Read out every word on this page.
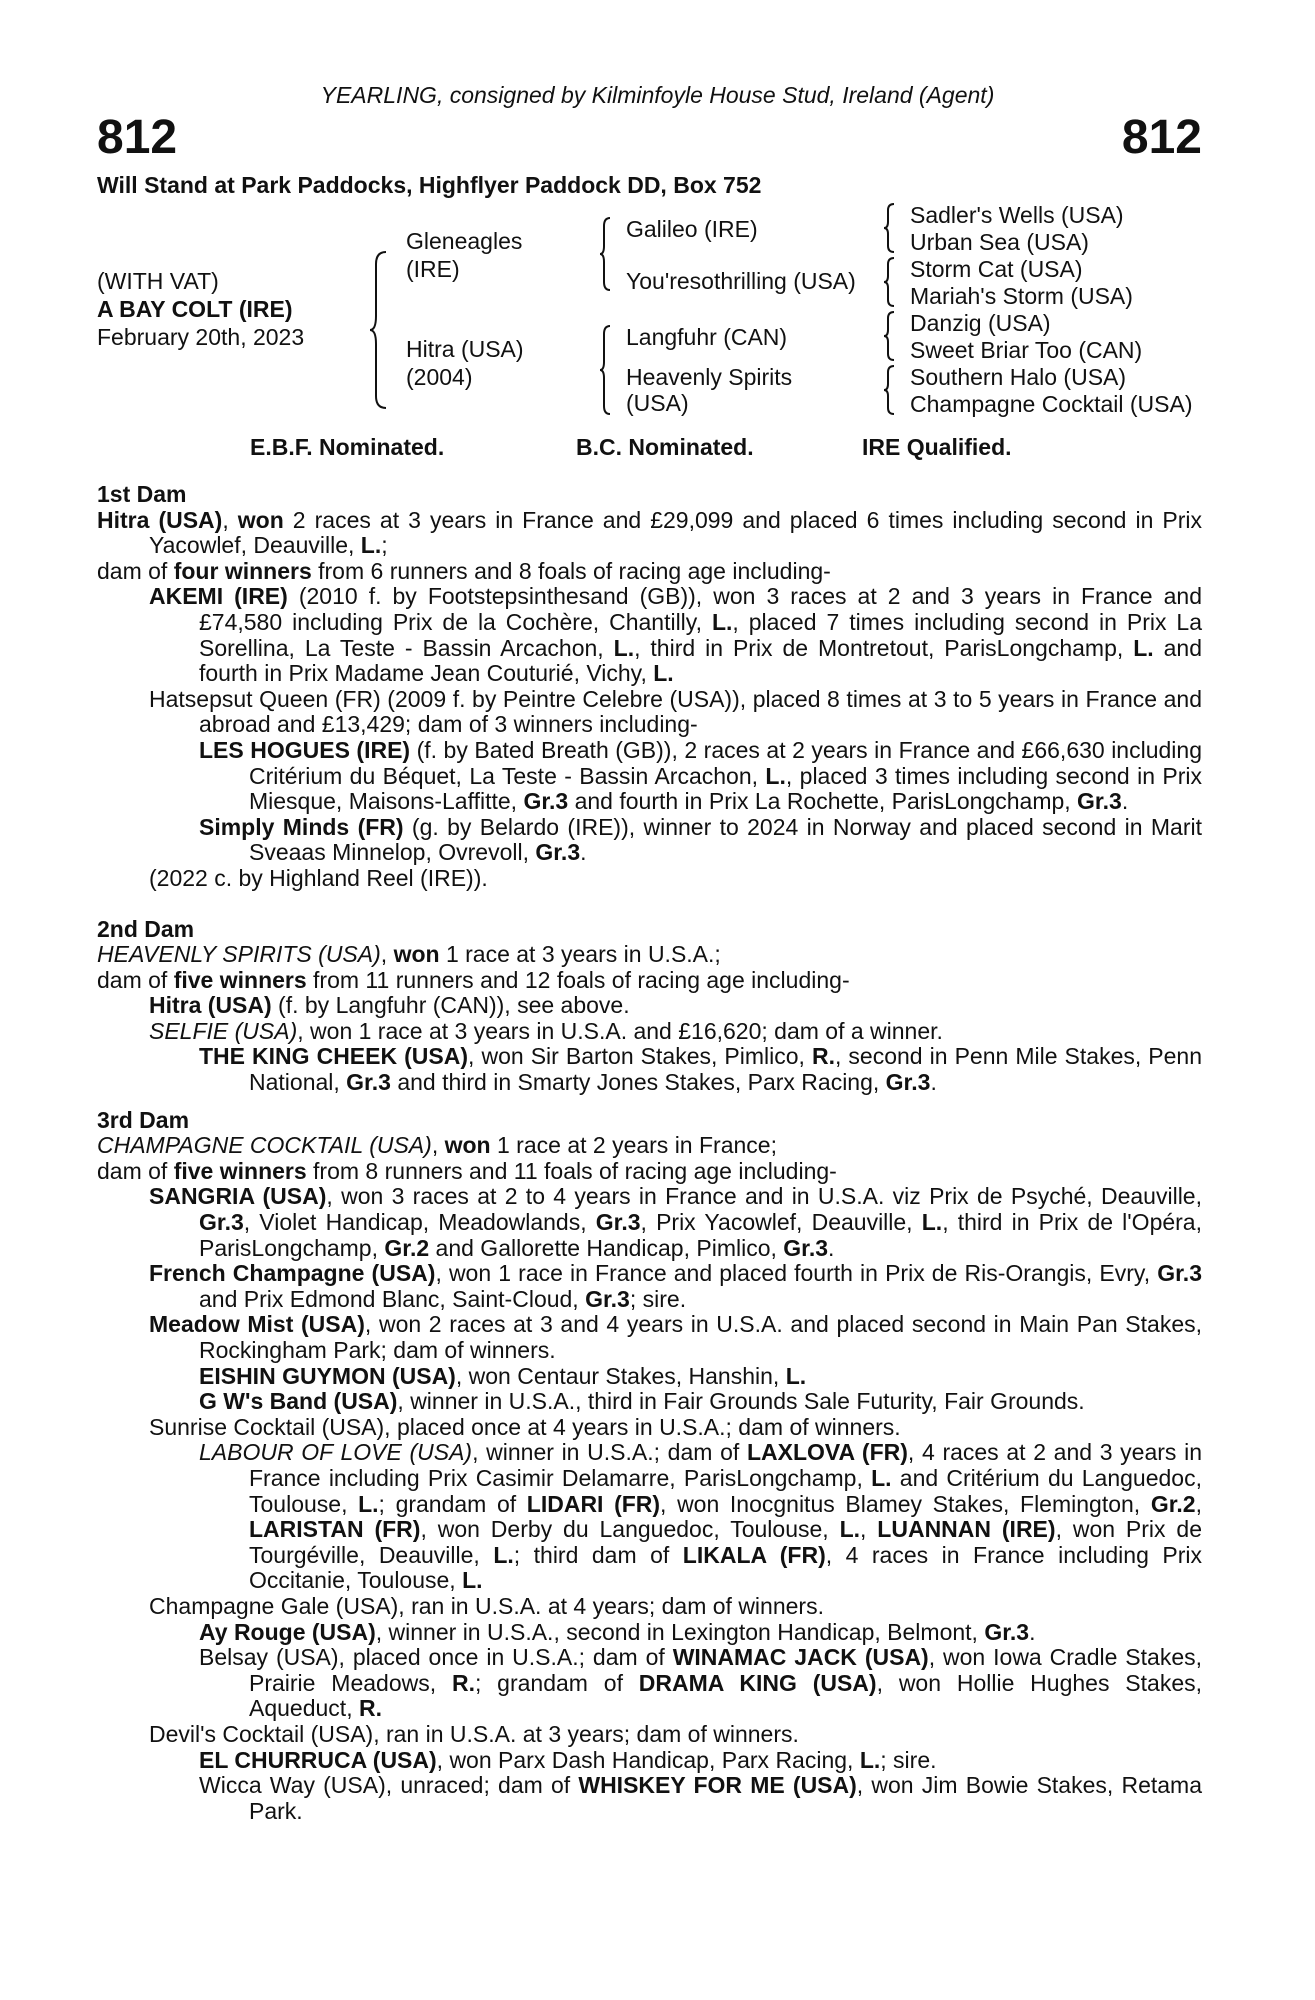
YEARLING, consigned by Kilminfoyle House Stud, Ireland (Agent)
812	812
Will Stand at Park Paddocks, Highflyer Paddock DD, Box 752
(WITH VAT)
A BAY COLT (IRE)
February 20th, 2023
Gleneagles
(IRE)
Hitra (USA)
(2004)
Galileo (IRE)
You'resothrilling (USA)
Langfuhr (CAN)
Heavenly Spirits
(USA)
Sadler's Wells (USA)
Urban Sea (USA)
Storm Cat (USA)
Mariah's Storm (USA)
Danzig (USA)
Sweet Briar Too (CAN)
Southern Halo (USA)
Champagne Cocktail (USA)
E.B.F. Nominated.	B.C. Nominated.	IRE Qualified.
1st Dam

Hitra (USA), won 2 races at 3 years in France and £29,099 and placed 6 times including second in Prix Yacowlef, Deauville, L.;

dam of four winners from 6 runners and 8 foals of racing age including-

AKEMI (IRE) (2010 f. by Footstepsinthesand (GB)), won 3 races at 2 and 3 years in France and £74,580 including Prix de la Cochère, Chantilly, L., placed 7 times including second in Prix La Sorellina, La Teste - Bassin Arcachon, L., third in Prix de Montretout, ParisLongchamp, L. and fourth in Prix Madame Jean Couturié, Vichy, L.

Hatsepsut Queen (FR) (2009 f. by Peintre Celebre (USA)), placed 8 times at 3 to 5 years in France and abroad and £13,429; dam of 3 winners including-

LES HOGUES (IRE) (f. by Bated Breath (GB)), 2 races at 2 years in France and £66,630 including Critérium du Béquet, La Teste - Bassin Arcachon, L., placed 3 times including second in Prix Miesque, Maisons-Laffitte, Gr.3 and fourth in Prix La Rochette, ParisLongchamp, Gr.3.

Simply Minds (FR) (g. by Belardo (IRE)), winner to 2024 in Norway and placed second in Marit Sveaas Minnelop, Ovrevoll, Gr.3.

(2022 c. by Highland Reel (IRE)).

2nd Dam

HEAVENLY SPIRITS (USA), won 1 race at 3 years in U.S.A.;

dam of five winners from 11 runners and 12 foals of racing age including-

Hitra (USA) (f. by Langfuhr (CAN)), see above.

SELFIE (USA), won 1 race at 3 years in U.S.A. and £16,620; dam of a winner.

THE KING CHEEK (USA), won Sir Barton Stakes, Pimlico, R., second in Penn Mile Stakes, Penn National, Gr.3 and third in Smarty Jones Stakes, Parx Racing, Gr.3.

3rd Dam

CHAMPAGNE COCKTAIL (USA), won 1 race at 2 years in France;

dam of five winners from 8 runners and 11 foals of racing age including-

SANGRIA (USA), won 3 races at 2 to 4 years in France and in U.S.A. viz Prix de Psyché, Deauville, Gr.3, Violet Handicap, Meadowlands, Gr.3, Prix Yacowlef, Deauville, L., third in Prix de l'Opéra, ParisLongchamp, Gr.2 and Gallorette Handicap, Pimlico, Gr.3.

French Champagne (USA), won 1 race in France and placed fourth in Prix de Ris-Orangis, Evry, Gr.3 and Prix Edmond Blanc, Saint-Cloud, Gr.3; sire.

Meadow Mist (USA), won 2 races at 3 and 4 years in U.S.A. and placed second in Main Pan Stakes, Rockingham Park; dam of winners.

EISHIN GUYMON (USA), won Centaur Stakes, Hanshin, L.

G W's Band (USA), winner in U.S.A., third in Fair Grounds Sale Futurity, Fair Grounds.

Sunrise Cocktail (USA), placed once at 4 years in U.S.A.; dam of winners.

LABOUR OF LOVE (USA), winner in U.S.A.; dam of LAXLOVA (FR), 4 races at 2 and 3 years in France including Prix Casimir Delamarre, ParisLongchamp, L. and Critérium du Languedoc, Toulouse, L.; grandam of LIDARI (FR), won Inocgnitus Blamey Stakes, Flemington, Gr.2, LARISTAN (FR), won Derby du Languedoc, Toulouse, L., LUANNAN (IRE), won Prix de Tourgéville, Deauville, L.; third dam of LIKALA (FR), 4 races in France including Prix Occitanie, Toulouse, L.

Champagne Gale (USA), ran in U.S.A. at 4 years; dam of winners.

Ay Rouge (USA), winner in U.S.A., second in Lexington Handicap, Belmont, Gr.3.

Belsay (USA), placed once in U.S.A.; dam of WINAMAC JACK (USA), won Iowa Cradle Stakes, Prairie Meadows, R.; grandam of DRAMA KING (USA), won Hollie Hughes Stakes, Aqueduct, R.

Devil's Cocktail (USA), ran in U.S.A. at 3 years; dam of winners.

EL CHURRUCA (USA), won Parx Dash Handicap, Parx Racing, L.; sire.

Wicca Way (USA), unraced; dam of WHISKEY FOR ME (USA), won Jim Bowie Stakes, Retama Park.
